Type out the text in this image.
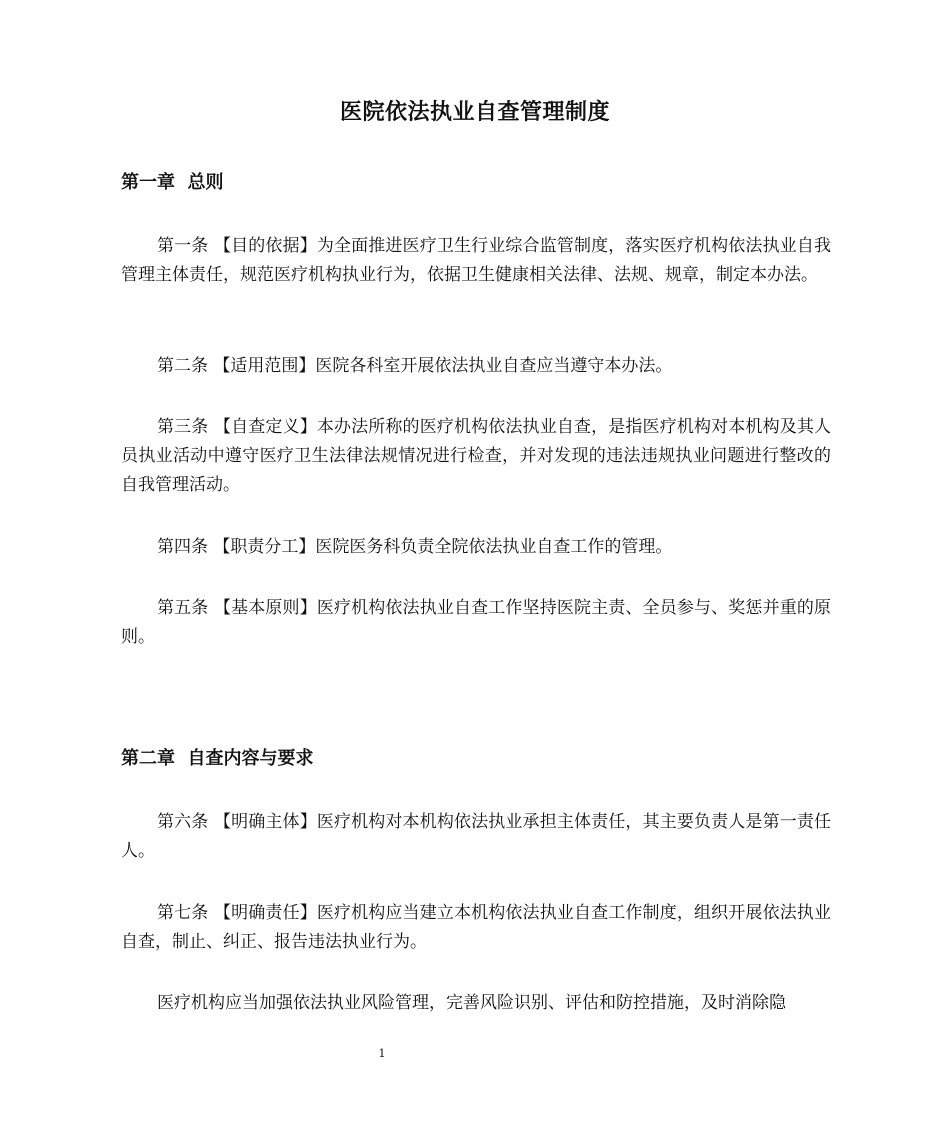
医院依法执业自查管理制度
第一章  总则

第一条 【目的依据】为全面推进医疗卫生行业综合监管制度，落实医疗机构依法执业自我管理主体责任，规范医疗机构执业行为，依据卫生健康相关法律、法规、规章，制定本办法。

第二条 【适用范围】医院各科室开展依法执业自查应当遵守本办法。

第三条 【自查定义】本办法所称的医疗机构依法执业自查，是指医疗机构对本机构及其人员执业活动中遵守医疗卫生法律法规情况进行检查，并对发现的违法违规执业问题进行整改的自我管理活动。

第四条 【职责分工】医院医务科负责全院依法执业自查工作的管理。

第五条 【基本原则】医疗机构依法执业自查工作坚持医院主责、全员参与、奖惩并重的原则。

第二章  自查内容与要求

第六条 【明确主体】医疗机构对本机构依法执业承担主体责任，其主要负责人是第一责任人。

第七条 【明确责任】医疗机构应当建立本机构依法执业自查工作制度，组织开展依法执业自查，制止、纠正、报告违法执业行为。

医疗机构应当加强依法执业风险管理，完善风险识别、评估和防控措施，及时消除隐

1
